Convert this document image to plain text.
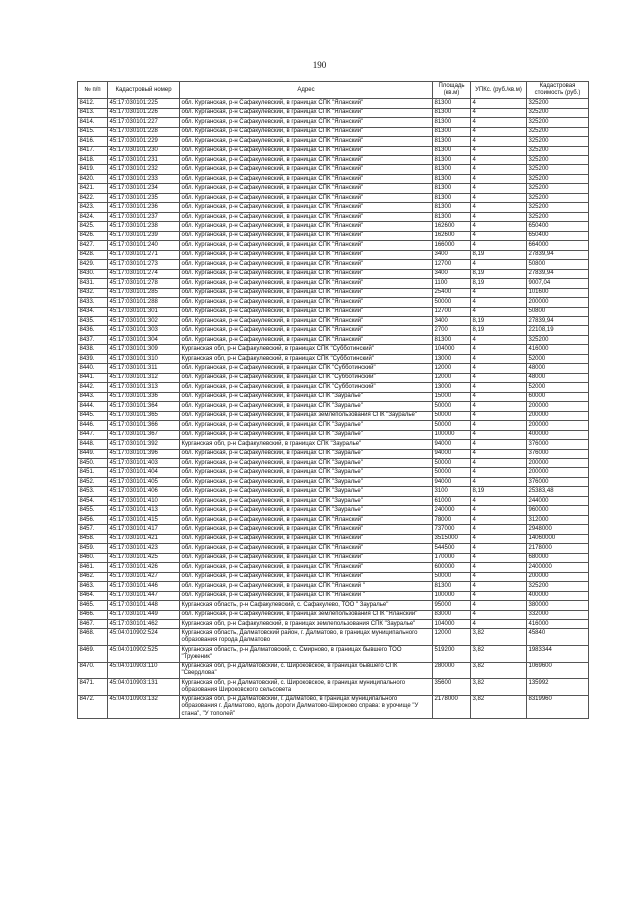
190
№ п/п	Кадастровый номер	Адрес	Площадь (кв.м)	УПКс. (руб./кв.м)	Кадастровая стоимость (руб.)
8412.	45:17:030101:225	обл. Курганская, р-н Сафакулевский, в границах СПК "Яланский"	81300	4	325200
8413.	45:17:030101:226	обл. Курганская, р-н Сафакулевский, в границах СПК "Яланский"	81300	4	325200
8414.	45:17:030101:227	обл. Курганская, р-н Сафакулевский, в границах СПК "Яланский"	81300	4	325200
8415.	45:17:030101:228	обл. Курганская, р-н Сафакулевский, в границах СПК "Яланский"	81300	4	325200
8416.	45:17:030101:229	обл. Курганская, р-н Сафакулевский, в границах СПК "Яланский"	81300	4	325200
8417.	45:17:030101:230	обл. Курганская, р-н Сафакулевский, в границах СПК "Яланский"	81300	4	325200
8418.	45:17:030101:231	обл. Курганская, р-н Сафакулевский, в границах СПК "Яланский"	81300	4	325200
8419.	45:17:030101:232	обл. Курганская, р-н Сафакулевский, в границах СПК "Яланский"	81300	4	325200
8420.	45:17:030101:233	обл. Курганская, р-н Сафакулевский, в границах СПК "Яланский"	81300	4	325200
8421.	45:17:030101:234	обл. Курганская, р-н Сафакулевский, в границах СПК "Яланский"	81300	4	325200
8422.	45:17:030101:235	обл. Курганская, р-н Сафакулевский, в границах СПК "Яланский"	81300	4	325200
8423.	45:17:030101:236	обл. Курганская, р-н Сафакулевский, в границах СПК "Яланский"	81300	4	325200
8424.	45:17:030101:237	обл. Курганская, р-н Сафакулевский, в границах СПК "Яланский"	81300	4	325200
8425.	45:17:030101:238	обл. Курганская, р-н Сафакулевский, в границах СПК "Яланский"	162600	4	650400
8426.	45:17:030101:239	обл. Курганская, р-н Сафакулевский, в границах СПК "Яланский"	162600	4	650400
8427.	45:17:030101:240	обл. Курганская, р-н Сафакулевский, в границах СПК "Яланский"	166000	4	664000
8428.	45:17:030101:271	обл. Курганская, р-н Сафакулевский, в границах СПК "Яланский"	3400	8,19	27839,94
8429.	45:17:030101:273	обл. Курганская, р-н Сафакулевский, в границах СПК "Яланский"	12700	4	50800
8430.	45:17:030101:274	обл. Курганская, р-н Сафакулевский, в границах СПК "Яланский"	3400	8,19	27839,94
8431.	45:17:030101:278	обл. Курганская, р-н Сафакулевский, в границах СПК "Яланский"	1100	8,19	9007,04
8432.	45:17:030101:285	обл. Курганская, р-н Сафакулевский, в границах СПК "Яланский"	25400	4	101600
8433.	45:17:030101:288	обл. Курганская, р-н Сафакулевский, в границах СПК "Яланский"	50000	4	200000
8434.	45:17:030101:301	обл. Курганская, р-н Сафакулевский, в границах СПК "Яланский"	12700	4	50800
8435.	45:17:030101:302	обл. Курганская, р-н Сафакулевский, в границах СПК "Яланский"	3400	8,19	27839,94
8436.	45:17:030101:303	обл. Курганская, р-н Сафакулевский, в границах СПК "Яланский"	2700	8,19	22108,19
8437.	45:17:030101:304	обл. Курганская, р-н Сафакулевский, в границах СПК "Яланский"	81300	4	325200
8438.	45:17:030101:309	Курганская обл, р-н Сафакулевский, в границах СПК "Субботинский"	104000	4	416000
8439.	45:17:030101:310	Курганская обл, р-н Сафакулевский, в границах СПК "Субботинский"	13000	4	52000
8440.	45:17:030101:311	обл. Курганская, р-н Сафакулевский, в границах СПК "Субботинский"	12000	4	48000
8441.	45:17:030101:312	обл. Курганская, р-н Сафакулевский, в границах СПК "Субботинский"	12000	4	48000
8442.	45:17:030101:313	обл. Курганская, р-н Сафакулевский, в границах СПК "Субботинский"	13000	4	52000
8443.	45:17:030101:336	обл. Курганская, р-н Сафакулевский, в границах СПК "Зауралье"	15000	4	60000
8444.	45:17:030101:364	обл. Курганская, р-н Сафакулевский, в границах СПК "Зауралье"	50000	4	200000
8445.	45:17:030101:365	обл. Курганская, р-н Сафакулевский, в границах землепользования СПК "Зауралье"	50000	4	200000
8446.	45:17:030101:366	обл. Курганская, р-н Сафакулевский, в границах СПК "Зауралье"	50000	4	200000
8447.	45:17:030101:367	обл. Курганская, р-н Сафакулевский, в границах СПК "Зауралье"	100000	4	400000
8448.	45:17:030101:392	Курганская обл, р-н Сафакулевский, в границах СПК "Зауралье"	94000	4	376000
8449.	45:17:030101:396	обл. Курганская, р-н Сафакулевский, в границах СПК "Зауралье"	94000	4	376000
8450.	45:17:030101:403	обл. Курганская, р-н Сафакулевский, в границах СПК "Зауралье"	50000	4	200000
8451.	45:17:030101:404	обл. Курганская, р-н Сафакулевский, в границах СПК "Зауралье"	50000	4	200000
8452.	45:17:030101:405	обл. Курганская, р-н Сафакулевский, в границах СПК "Зауралье"	94000	4	376000
8453.	45:17:030101:406	обл. Курганская, р-н Сафакулевский, в границах СПК "Зауралье"	3100	8,19	25383,48
8454.	45:17:030101:410	обл. Курганская, р-н Сафакулевский, в границах СПК "Зауралье"	61000	4	244000
8455.	45:17:030101:413	обл. Курганская, р-н Сафакулевский, в границах СПК "Зауралье"	240000	4	960000
8456.	45:17:030101:415	обл. Курганская, р-н Сафакулевский, в границах СПК "Яланский"	78000	4	312000
8457.	45:17:030101:417	обл. Курганская, р-н Сафакулевский, в границах СПК "Яланский"	737000	4	2948000
8458.	45:17:030101:421	обл. Курганская, р-н Сафакулевский, в границах СПК "Яланский"	3515000	4	14060000
8459.	45:17:030101:423	обл. Курганская, р-н Сафакулевский, в границах СПК "Яланский"	544500	4	2178000
8460.	45:17:030101:425	обл. Курганская, р-н Сафакулевский, в границах СПК "Яланский"	170000	4	680000
8461.	45:17:030101:426	обл. Курганская, р-н Сафакулевский, в границах СПК "Яланский"	600000	4	2400000
8462.	45:17:030101:427	обл. Курганская, р-н Сафакулевский, в границах СПК "Яланский"	50000	4	200000
8463.	45:17:030101:446	обл. Курганская, р-н Сафакулевский, в границах СПК "Яланский "	81300	4	325200
8464.	45:17:030101:447	обл. Курганская, р-н Сафакулевский, в границах СПК "Яланский "	100000	4	400000
8465.	45:17:030101:448	Курганская область, р-н Сафакулевский, с. Сафакулево, ТОО " Зауралье"	95000	4	380000
8466.	45:17:030101:449	обл. Курганская, р-н Сафакулевский, в границах землепользования СПК "Яланский"	83000	4	332000
8467.	45:17:030101:462	Курганская обл, р-н Сафакулевский, в границах землепользования СПК "Зауралье"	104000	4	416000
8468.	45:04:010902:524	Курганская область, Далматовский район, г. Далматово, в границах муниципального образования города Далматово	12000	3,82	45840
8469.	45:04:010902:525	Курганская область, р-н Далматовский, с. Смирново, в границах бывшего ТОО "Труженик"	519200	3,82	1983344
8470.	45:04:010903:110	Курганская обл, р-н Далматовский, с. Широковское, в границах бывшего СПК "Свердлова"	280000	3,82	1069600
8471.	45:04:010903:131	Курганская обл, р-н Далматовский, с. Широковское, в границах муниципального образования Широковского сельсовета	35600	3,82	135992
8472.	45:04:010903:132	Курганская обл, р-н Далматовский, г. Далматово, в границах муниципального образования г. Далматово, вдоль дороги Далматово-Широково справа: в урочище "У стана", "У тополей"	2178000	3,82	8319960
